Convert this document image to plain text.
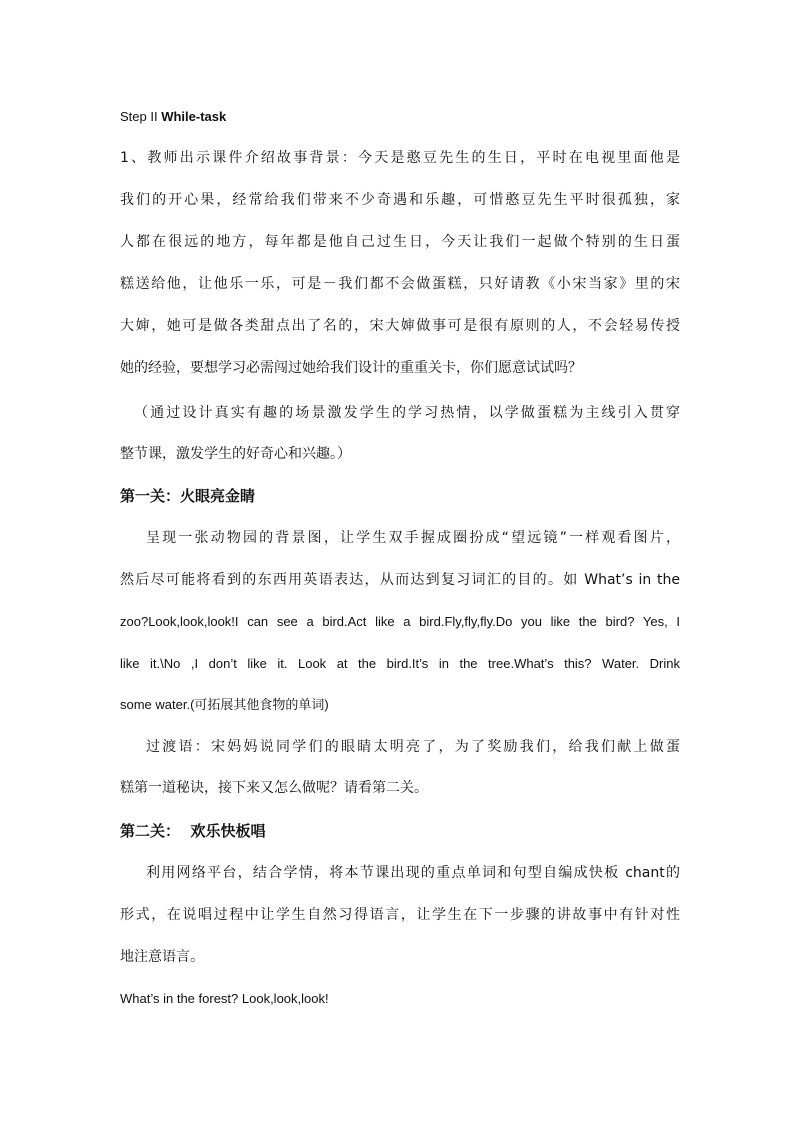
Step II While-task
1、教师出示课件介绍故事背景：今天是憨豆先生的生日，平时在电视里面他是
我们的开心果，经常给我们带来不少奇遇和乐趣，可惜憨豆先生平时很孤独，家
人都在很远的地方，每年都是他自己过生日，今天让我们一起做个特别的生日蛋
糕送给他，让他乐一乐，可是－我们都不会做蛋糕，只好请教《小宋当家》里的宋
大婶，她可是做各类甜点出了名的，宋大婶做事可是很有原则的人，不会轻易传授
她的经验，要想学习必需闯过她给我们设计的重重关卡，你们愿意试试吗？
（通过设计真实有趣的场景激发学生的学习热情，以学做蛋糕为主线引入贯穿
整节课，激发学生的好奇心和兴趣。）
第一关：火眼亮金睛
呈现一张动物园的背景图，让学生双手握成圈扮成“望远镜”一样观看图片，
然后尽可能将看到的东西用英语表达，从而达到复习词汇的目的。如 What’s in the
zoo?Look,look,look!I can see a bird.Act like a bird.Fly,fly,fly.Do you like the bird? Yes, I
like it.\No ,I don’t like it. Look at the bird.It’s in the tree.What’s this? Water. Drink
some water.(可拓展其他食物的单词)
过渡语：宋妈妈说同学们的眼睛太明亮了，为了奖励我们，给我们献上做蛋
糕第一道秘诀，接下来又怎么做呢？请看第二关。
第二关：  欢乐快板唱
利用网络平台，结合学情，将本节课出现的重点单词和句型自编成快板 chant的
形式，在说唱过程中让学生自然习得语言，让学生在下一步骤的讲故事中有针对性
地注意语言。
What’s in the forest? Look,look,look!
